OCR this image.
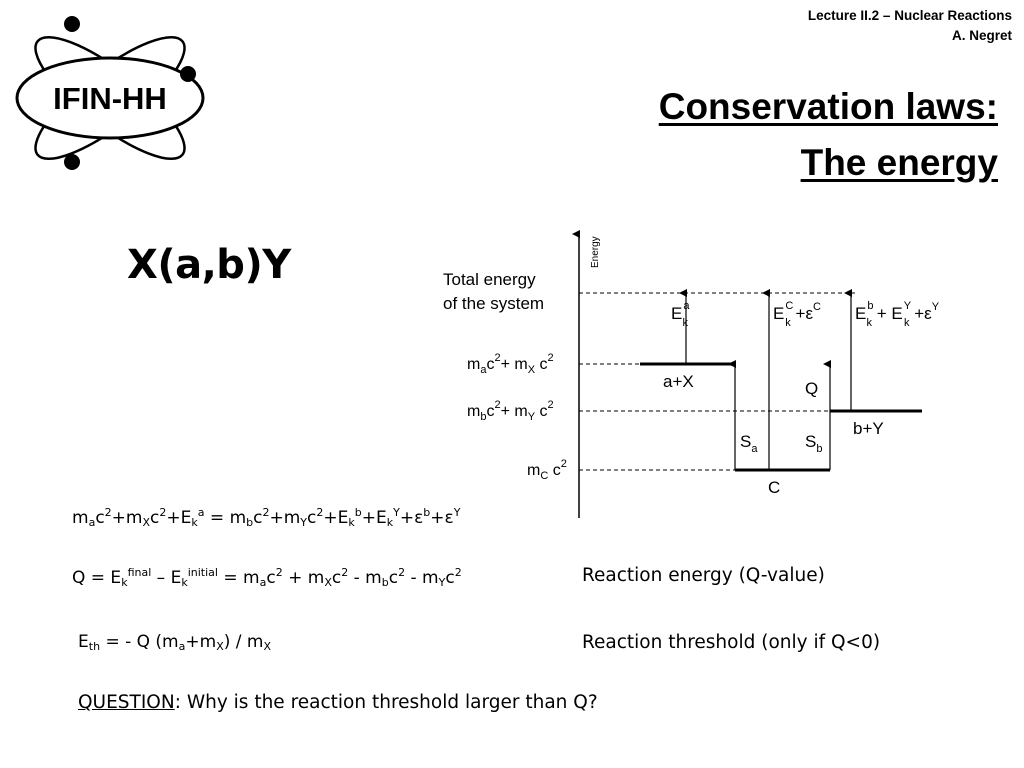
IFIN-HH
Lecture II.2 – Nuclear Reactions
A. Negret
Conservation laws:
The energy
X(a,b)Y	Energy
Total energy
of the system
$m_ac^2+ m_X$ $c^2$
$m_bc^2+ m_Y$ $c^2$
$m_C$ $c^2$
$E^a$ k	$E^C$ $k +\varepsilon^C$ $E^b$ $k + E^Y$ $k +\varepsilon^Y$
a+X
C
b+Y
Q
$S_a$	$S_b$
$m_ac^2+m_Xc^2+E_k^a = m_bc^2+m_Yc^2+E_k^b+E_k^Y+\varepsilon^b+\varepsilon^Y$
$Q = E_k^{final} - E_k^{initial} = m_ac^2 + m_Xc^2 - m_bc^2 - m_Yc^2$	Reaction energy (Q-value)
$E_{th}$ = - Q $(m_a+m_X) / m_X$	Reaction threshold (only if Q<0)
QUESTION: Why is the reaction threshold larger than Q?
